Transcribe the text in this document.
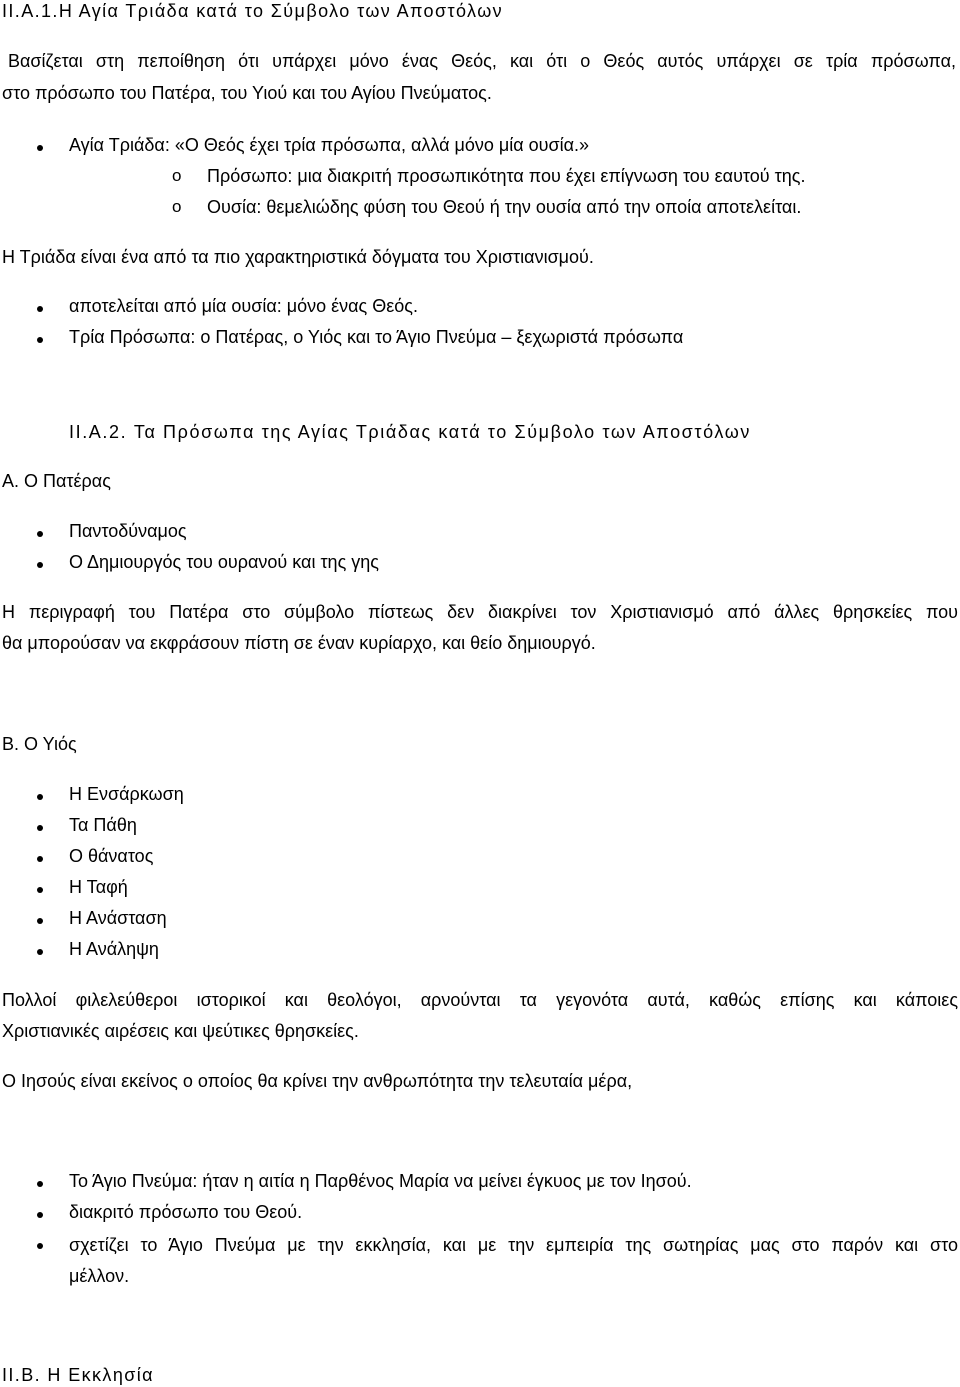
II.A.1.Η Αγία Τριάδα κατά το Σύμβολο των Αποστόλων
Βασίζεται στη πεποίθηση ότι υπάρχει μόνο ένας Θεός, και ότι ο Θεός αυτός υπάρχει σε τρία πρόσωπα,
στο πρόσωπο του Πατέρα, του Υιού και του Αγίου Πνεύματος.
Αγία Τριάδα: «Ο Θεός έχει τρία πρόσωπα, αλλά μόνο μία ουσία.»
o Πρόσωπο: μια διακριτή προσωπικότητα που έχει επίγνωση του εαυτού της.
o Ουσία: θεμελιώδης φύση του Θεού ή την ουσία από την οποία αποτελείται.
Η Τριάδα είναι ένα από τα πιο χαρακτηριστικά δόγματα του Χριστιανισμού.
αποτελείται από μία ουσία: μόνο ένας Θεός.
Τρία Πρόσωπα: ο Πατέρας, ο Υιός και το Άγιο Πνεύμα – ξεχωριστά πρόσωπα
II.A.2. Τα Πρόσωπα της Αγίας Τριάδας κατά το Σύμβολο των Αποστόλων
Α. Ο Πατέρας
Παντοδύναμος
Ο Δημιουργός του ουρανού και της γης
Η περιγραφή του Πατέρα στο σύμβολο πίστεως δεν διακρίνει τον Χριστιανισμό από άλλες θρησκείες που
θα μπορούσαν να εκφράσουν πίστη σε έναν κυρίαρχο, και θείο δημιουργό.
Β. Ο Υιός
Η Ενσάρκωση
Τα Πάθη
Ο θάνατος
Η Ταφή
Η Ανάσταση
Η Ανάληψη
Πολλοί φιλελεύθεροι ιστορικοί και θεολόγοι, αρνούνται τα γεγονότα αυτά, καθώς επίσης και κάποιες
Χριστιανικές αιρέσεις και ψεύτικες θρησκείες.
Ο Ιησούς είναι εκείνος ο οποίος θα κρίνει την ανθρωπότητα την τελευταία μέρα,
Το Άγιο Πνεύμα: ήταν η αιτία η Παρθένος Μαρία να μείνει έγκυος με τον Ιησού.
διακριτό πρόσωπο του Θεού.
σχετίζει το Άγιο Πνεύμα με την εκκλησία, και με την εμπειρία της σωτηρίας μας στο παρόν και στο
μέλλον.
II.Β. Η Εκκλησία
